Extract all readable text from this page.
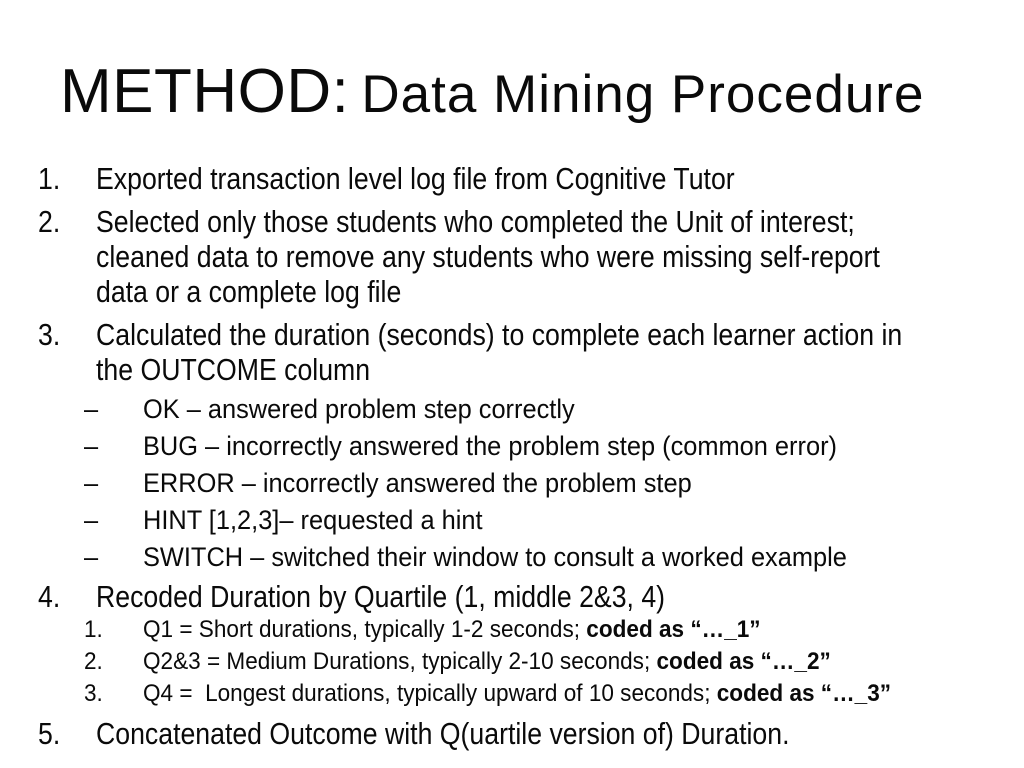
METHOD: Data Mining Procedure
1.	Exported transaction level log file from Cognitive Tutor
2.	Selected only those students who completed the Unit of interest;
cleaned data to remove any students who were missing self-report
data or a complete log file
3.	Calculated the duration (seconds) to complete each learner action in
the OUTCOME column
–	OK – answered problem step correctly
–	BUG – incorrectly answered the problem step (common error)
–	ERROR – incorrectly answered the problem step
–	HINT [1,2,3]– requested a hint
–	SWITCH – switched their window to consult a worked example
4.	Recoded Duration by Quartile (1, middle 2&3, 4)
1.	Q1 = Short durations, typically 1-2 seconds; coded as “…_1”
2.	Q2&3 = Medium Durations, typically 2-10 seconds; coded as “…_2”
3.	Q4 =  Longest durations, typically upward of 10 seconds; coded as “…_3”
5.	Concatenated Outcome with Q(uartile version of) Duration.
